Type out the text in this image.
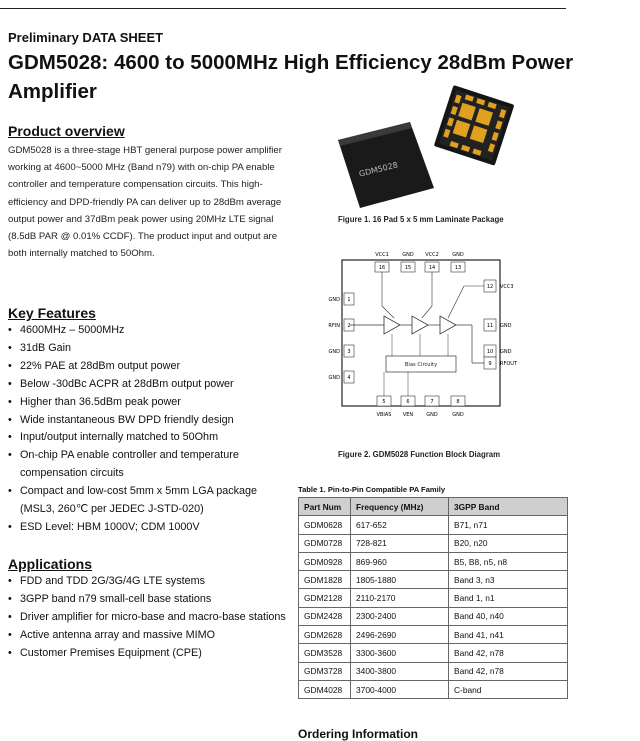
Preliminary DATA SHEET
GDM5028: 4600 to 5000MHz High Efficiency 28dBm Power Amplifier
Product overview
GDM5028 is a three-stage HBT general purpose power amplifier working at 4600~5000 MHz (Band n79) with on-chip PA enable controller and temperature compensation circuits. This high-efficiency and DPD-friendly PA can deliver up to 28dBm average output power and 37dBm peak power using 20MHz LTE signal (8.5dB PAR @ 0.01% CCDF). The product input and output are both internally matched to 50Ohm.
Key Features
• 4600MHz – 5000MHz
• 31dB Gain
• 22% PAE at 28dBm output power
• Below -30dBc ACPR at 28dBm output power
• Higher than 36.5dBm peak power
• Wide instantaneous BW DPD friendly design
• Input/output internally matched to 50Ohm
• On-chip PA enable controller and temperature compensation circuits
• Compact and low-cost 5mm x 5mm LGA package (MSL3, 260℃ per JEDEC J-STD-020)
• ESD Level: HBM 1000V; CDM 1000V
Applications
• FDD and TDD 2G/3G/4G LTE systems
• 3GPP band n79 small-cell base stations
• Driver amplifier for micro-base and macro-base stations
• Active antenna array and massive MIMO
• Customer Premises Equipment (CPE)
GDM5028
Figure 1. 16 Pad 5 x 5 mm Laminate Package
16
VCC1
15
GND
14
VCC2
13
GND
1
GND
2
RFIN
3
GND
4
GND
12 VCC3
11 GND
10 GND
9 RFOUT
5
VBIAS
6
VEN
7
GND
8
GND
Bias Circuity
Figure 2. GDM5028 Function Block Diagram
Table 1. Pin-to-Pin Compatible PA Family
Part Num	Frequency (MHz)	3GPP Band
GDM0628	617-652	B71, n71
GDM0728	728-821	B20, n20
GDM0928	869-960	B5, B8, n5, n8
GDM1828	1805-1880	Band 3, n3
GDM2128	2110-2170	Band 1, n1
GDM2428	2300-2400	Band 40, n40
GDM2628	2496-2690	Band 41, n41
GDM3528	3300-3600	Band 42, n78
GDM3728	3400-3800	Band 42, n78
GDM4028	3700-4000	C-band
Ordering Information
